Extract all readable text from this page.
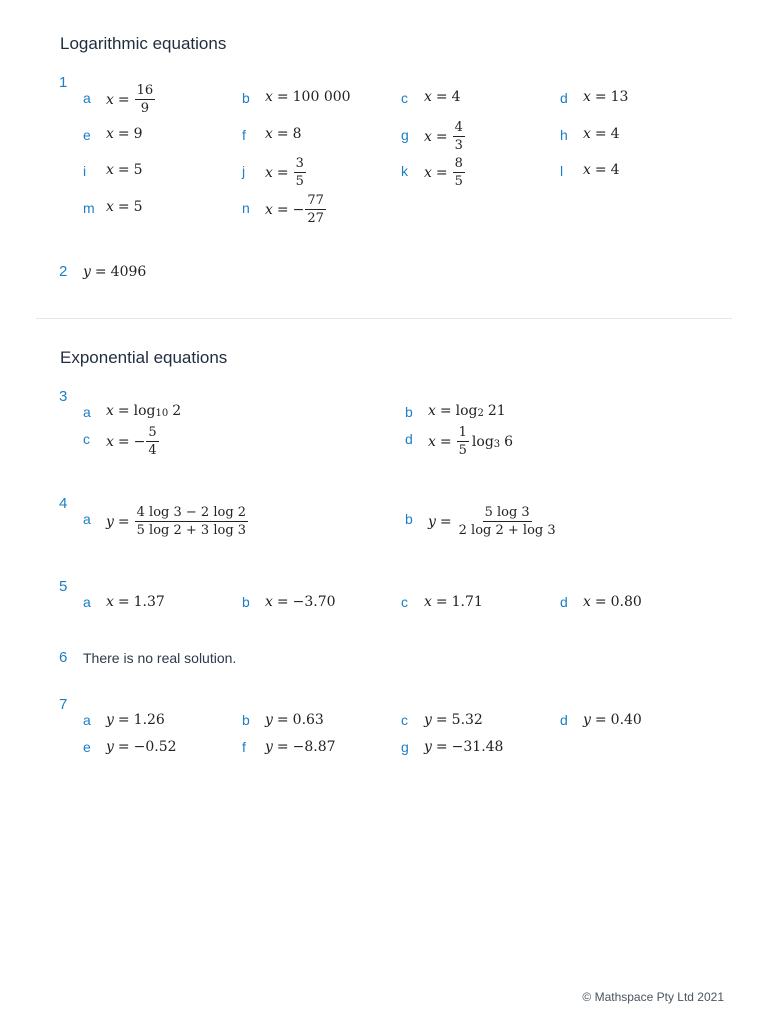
Logarithmic equations
1
a $x = \frac{16}{9}$	b x = 100 000	c x = 4	d x = 13
e x = 9	f x = 8	g $x = \frac{4}{3}$	h x = 4
i x = 5	j $x = \frac{3}{5}$	k $x = \frac{8}{5}$	l x = 4
m x = 5	n x = − $\frac{77}{27}$
2 y = 4096
Exponential equations
3
a $x = \log_{10} 2$	b $x = \log_2 21$
c x = − $\frac{5}{4}$	d $x = \frac{1}{5} \log_3 6$
4
a $y = \frac{4 \log 3 - 2 \log 2}{5 \log 2 + 3 \log 3}$	b $y = \frac{5 \log 3}{2 \log 2 + \log 3}$
5
a x = 1.37	b x = −3.70	c x = 1.71	d x = 0.80
6 There is no real solution.
7
a y = 1.26	b y = 0.63	c y = 5.32	d y = 0.40
e y = −0.52	f y = −8.87	g y = −31.48
© Mathspace Pty Ltd 2021
